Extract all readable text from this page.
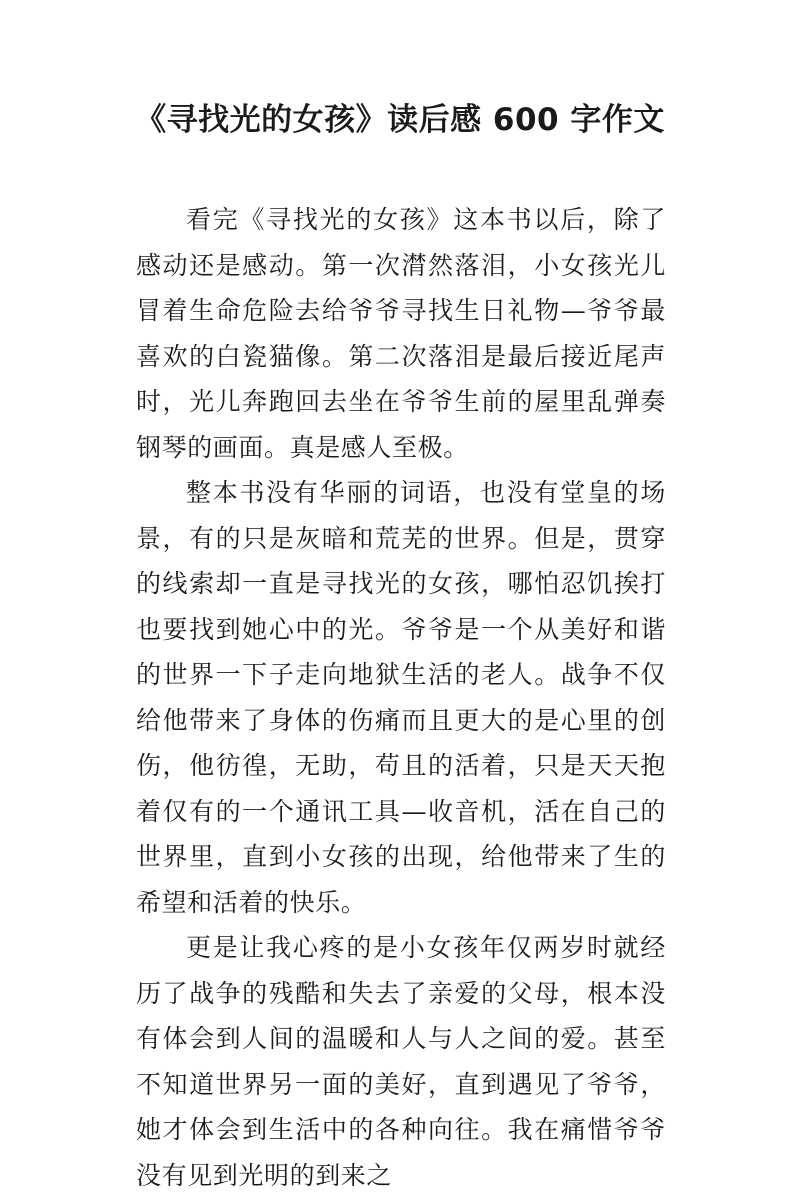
《寻找光的女孩》读后感 600 字作文

看完《寻找光的女孩》这本书以后，除了感动还是感动。第一次潸然落泪，小女孩光儿冒着生命危险去给爷爷寻找生日礼物—爷爷最喜欢的白瓷猫像。第二次落泪是最后接近尾声时，光儿奔跑回去坐在爷爷生前的屋里乱弹奏钢琴的画面。真是感人至极。

整本书没有华丽的词语，也没有堂皇的场景，有的只是灰暗和荒芜的世界。但是，贯穿的线索却一直是寻找光的女孩，哪怕忍饥挨打也要找到她心中的光。爷爷是一个从美好和谐的世界一下子走向地狱生活的老人。战争不仅给他带来了身体的伤痛而且更大的是心里的创伤，他彷徨，无助，苟且的活着，只是天天抱着仅有的一个通讯工具—收音机，活在自己的世界里，直到小女孩的出现，给他带来了生的希望和活着的快乐。

更是让我心疼的是小女孩年仅两岁时就经历了战争的残酷和失去了亲爱的父母，根本没有体会到人间的温暖和人与人之间的爱。甚至不知道世界另一面的美好，直到遇见了爷爷，她才体会到生活中的各种向往。我在痛惜爷爷没有见到光明的到来之
